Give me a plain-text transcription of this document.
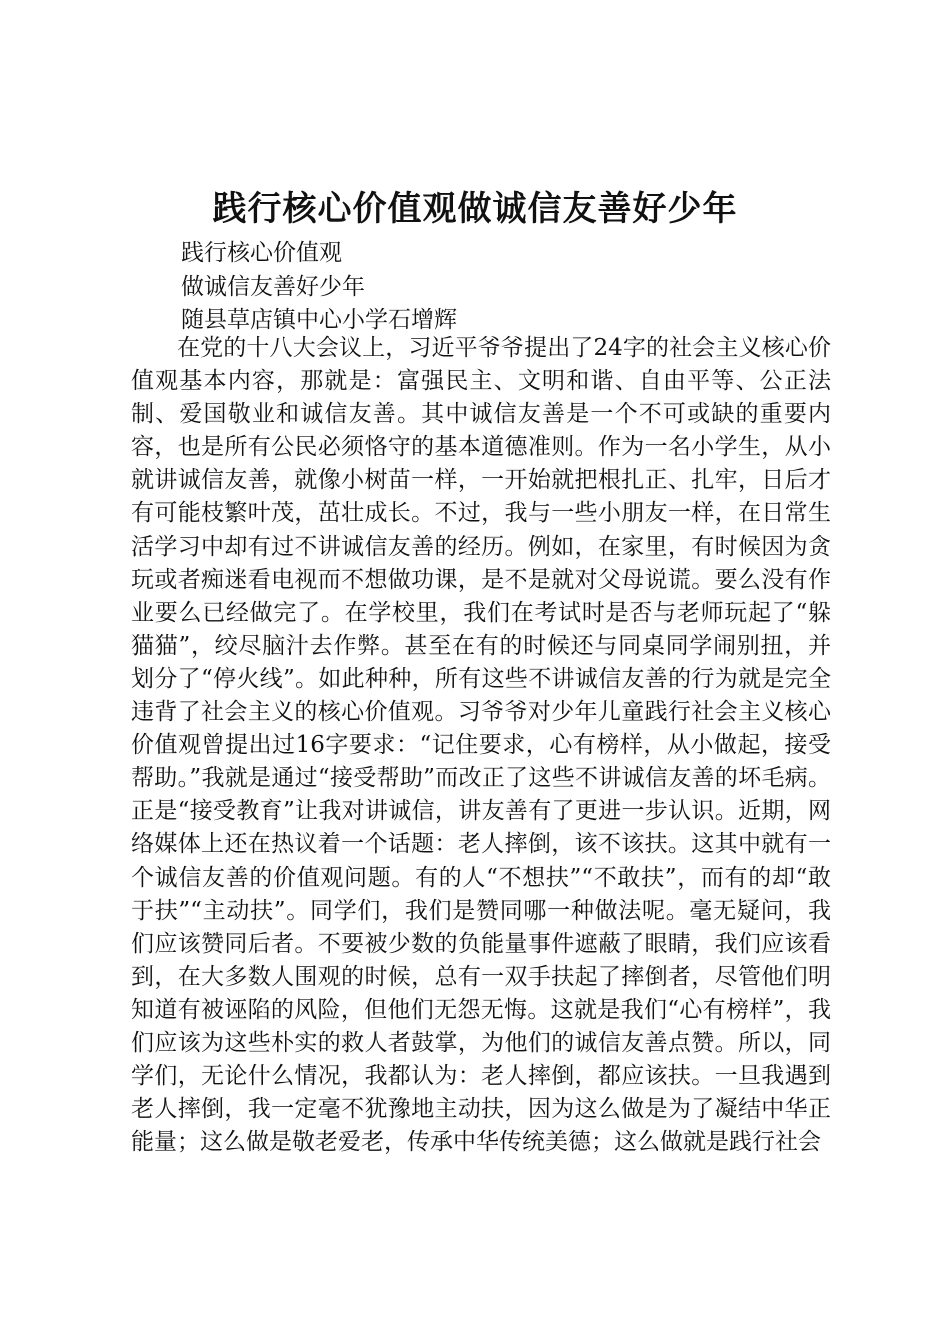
践行核心价值观做诚信友善好少年

践行核心价值观

做诚信友善好少年

随县草店镇中心小学石增辉

在党的十八大会议上，习近平爷爷提出了24字的社会主义核心价值观基本内容，那就是：富强民主、文明和谐、自由平等、公正法制、爱国敬业和诚信友善。其中诚信友善是一个不可或缺的重要内容，也是所有公民必须恪守的基本道德准则。作为一名小学生，从小就讲诚信友善，就像小树苗一样，一开始就把根扎正、扎牢，日后才有可能枝繁叶茂，茁壮成长。不过，我与一些小朋友一样，在日常生活学习中却有过不讲诚信友善的经历。例如，在家里，有时候因为贪玩或者痴迷看电视而不想做功课，是不是就对父母说谎。要么没有作业要么已经做完了。在学校里，我们在考试时是否与老师玩起了“躲猫猫”，绞尽脑汁去作弊。甚至在有的时候还与同桌同学闹别扭，并划分了“停火线”。如此种种，所有这些不讲诚信友善的行为就是完全违背了社会主义的核心价值观。习爷爷对少年儿童践行社会主义核心价值观曾提出过16字要求：“记住要求，心有榜样，从小做起，接受帮助。”我就是通过“接受帮助”而改正了这些不讲诚信友善的坏毛病。正是“接受教育”让我对讲诚信，讲友善有了更进一步认识。近期，网络媒体上还在热议着一个话题：老人摔倒，该不该扶。这其中就有一个诚信友善的价值观问题。有的人“不想扶”“不敢扶”，而有的却“敢于扶”“主动扶”。同学们，我们是赞同哪一种做法呢。毫无疑问，我们应该赞同后者。不要被少数的负能量事件遮蔽了眼睛，我们应该看到，在大多数人围观的时候，总有一双手扶起了摔倒者，尽管他们明知道有被诬陷的风险，但他们无怨无悔。这就是我们“心有榜样”，我们应该为这些朴实的救人者鼓掌，为他们的诚信友善点赞。所以，同学们，无论什么情况，我都认为：老人摔倒，都应该扶。一旦我遇到老人摔倒，我一定毫不犹豫地主动扶，因为这么做是为了凝结中华正能量；这么做是敬老爱老，传承中华传统美德；这么做就是践行社会
